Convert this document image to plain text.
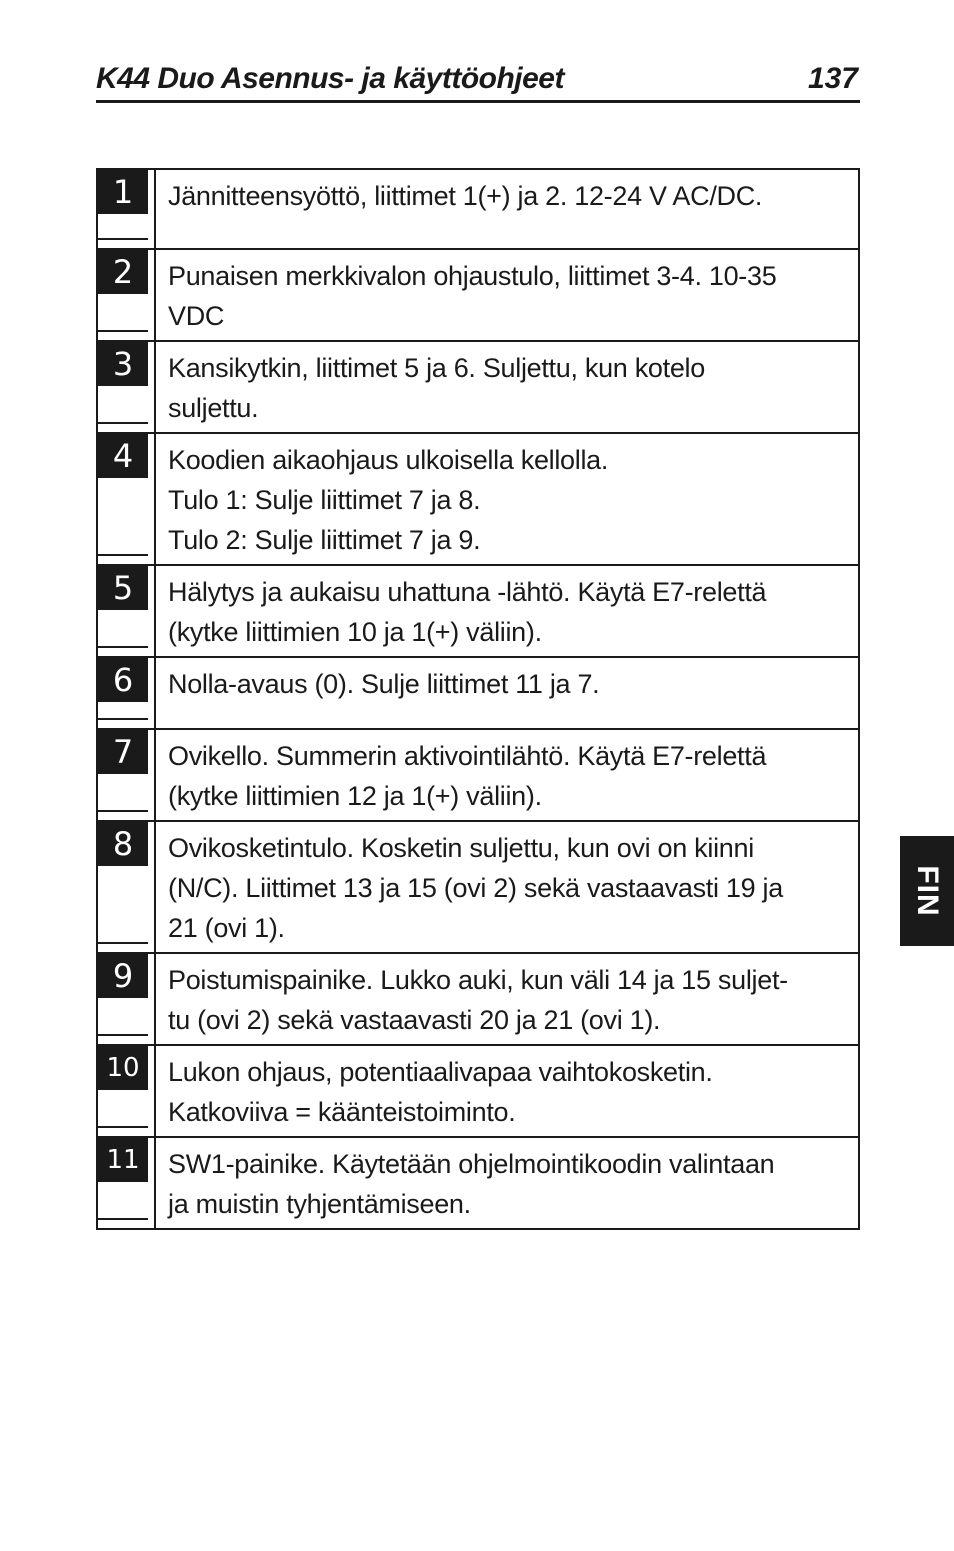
K44 Duo Asennus- ja käyttöohjeet	137
1	Jännitteensyöttö, liittimet 1(+) ja 2. 12-24 V AC/DC.
2	Punaisen merkkivalon ohjaustulo, liittimet 3-4. 10-35
VDC
3	Kansikytkin, liittimet 5 ja 6. Suljettu, kun kotelo
suljettu.
4	Koodien aikaohjaus ulkoisella kellolla.
Tulo 1: Sulje liittimet 7 ja 8.
Tulo 2: Sulje liittimet 7 ja 9.
5	Hälytys ja aukaisu uhattuna -lähtö. Käytä E7-relettä
(kytke liittimien 10 ja 1(+) väliin).
6	Nolla-avaus (0). Sulje liittimet 11 ja 7.
7	Ovikello. Summerin aktivointilähtö. Käytä E7-relettä
(kytke liittimien 12 ja 1(+) väliin).
8	Ovikosketintulo. Kosketin suljettu, kun ovi on kiinni
(N/C). Liittimet 13 ja 15 (ovi 2) sekä vastaavasti 19 ja
21 (ovi 1).
9	Poistumispainike. Lukko auki, kun väli 14 ja 15 suljet-
tu (ovi 2) sekä vastaavasti 20 ja 21 (ovi 1).
10	Lukon ohjaus, potentiaalivapaa vaihtokosketin.
Katkoviiva = käänteistoiminto.
11	SW1-painike. Käytetään ohjelmointikoodin valintaan
ja muistin tyhjentämiseen.
FIN
